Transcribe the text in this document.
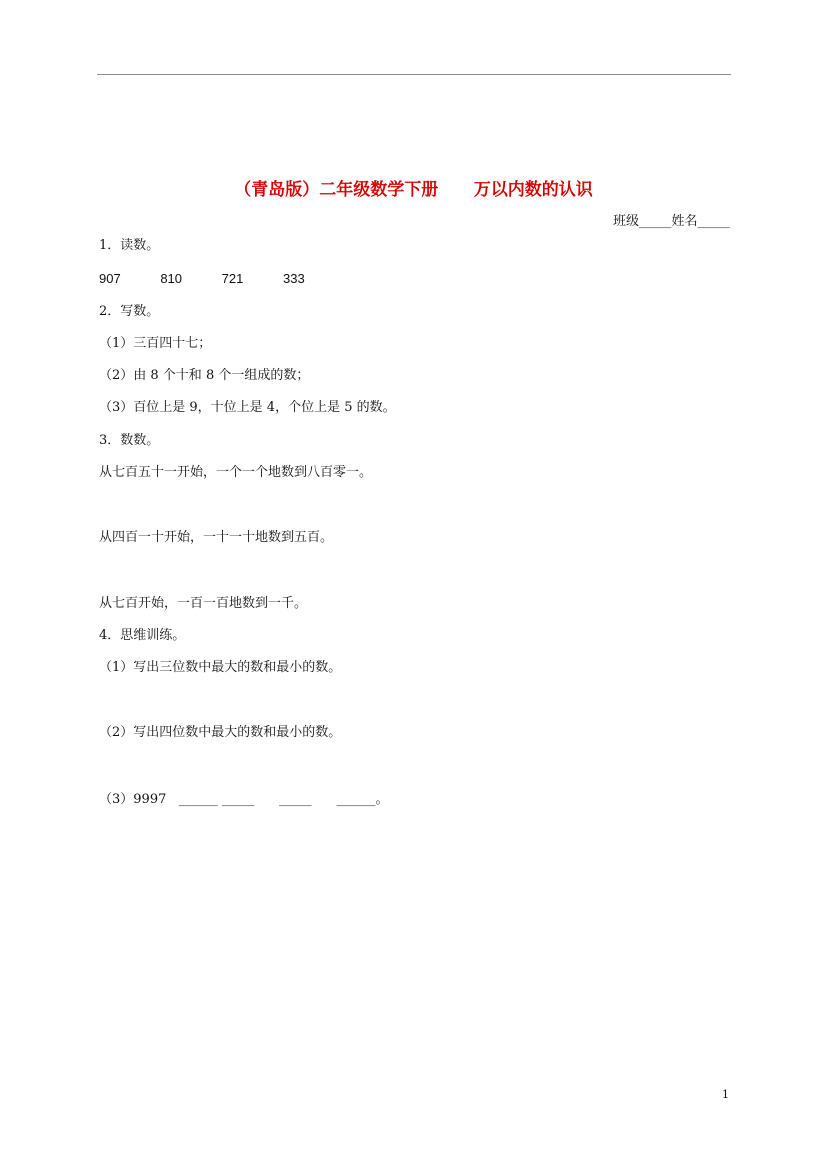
（青岛版）二年级数学下册      万以内数的认识
班级_____姓名_____
1．读数。
907	810	721	333
2．写数。
（1）三百四十七；
（2）由 8 个十和 8 个一组成的数；
（3）百位上是 9，十位上是 4，个位上是 5 的数。
3．数数。
从七百五十一开始，一个一个地数到八百零一。
从四百一十开始，一十一十地数到五百。
从七百开始，一百一百地数到一千。
4．思维训练。
（1）写出三位数中最大的数和最小的数。
（2）写出四位数中最大的数和最小的数。
（3）9997   ______ _____      _____      ______。
1
